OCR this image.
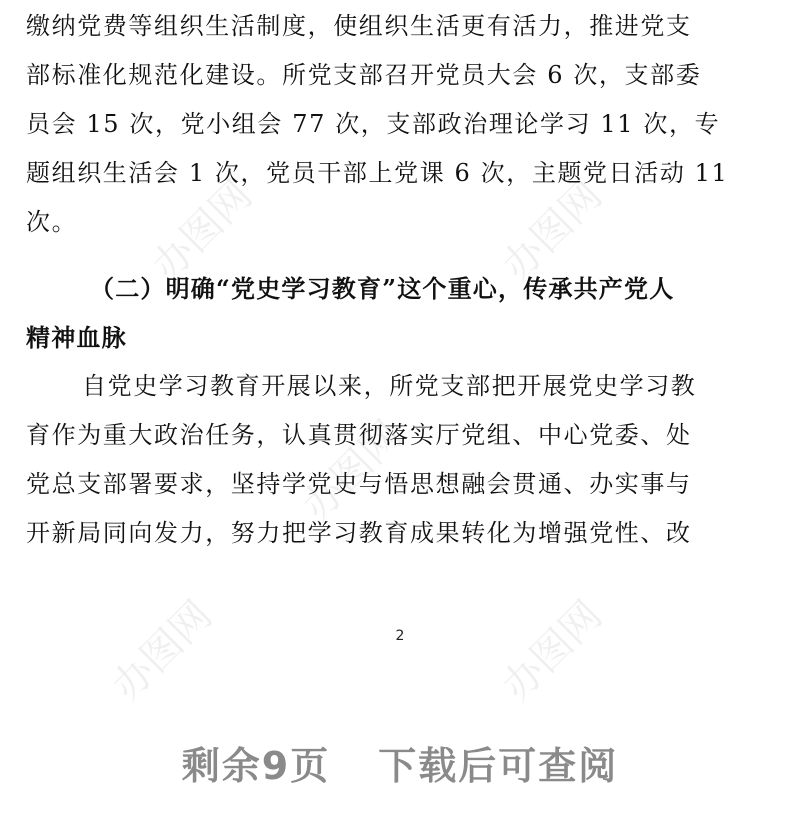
办图网	办图网
办图网
办图网	办图网

缴纳党费等组织生活制度，使组织生活更有活力，推进党支
部标准化规范化建设。所党支部召开党员大会 6 次，支部委
员会 15 次，党小组会 77 次，支部政治理论学习 11 次，专
题组织生活会 1 次，党员干部上党课 6 次，主题党日活动 11
次。

（二）明确“党史学习教育”这个重心，传承共产党人
精神血脉

自党史学习教育开展以来，所党支部把开展党史学习教
育作为重大政治任务，认真贯彻落实厅党组、中心党委、处
党总支部署要求，坚持学党史与悟思想融会贯通、办实事与
开新局同向发力，努力把学习教育成果转化为增强党性、改

2
剩余9页 下载后可查阅
